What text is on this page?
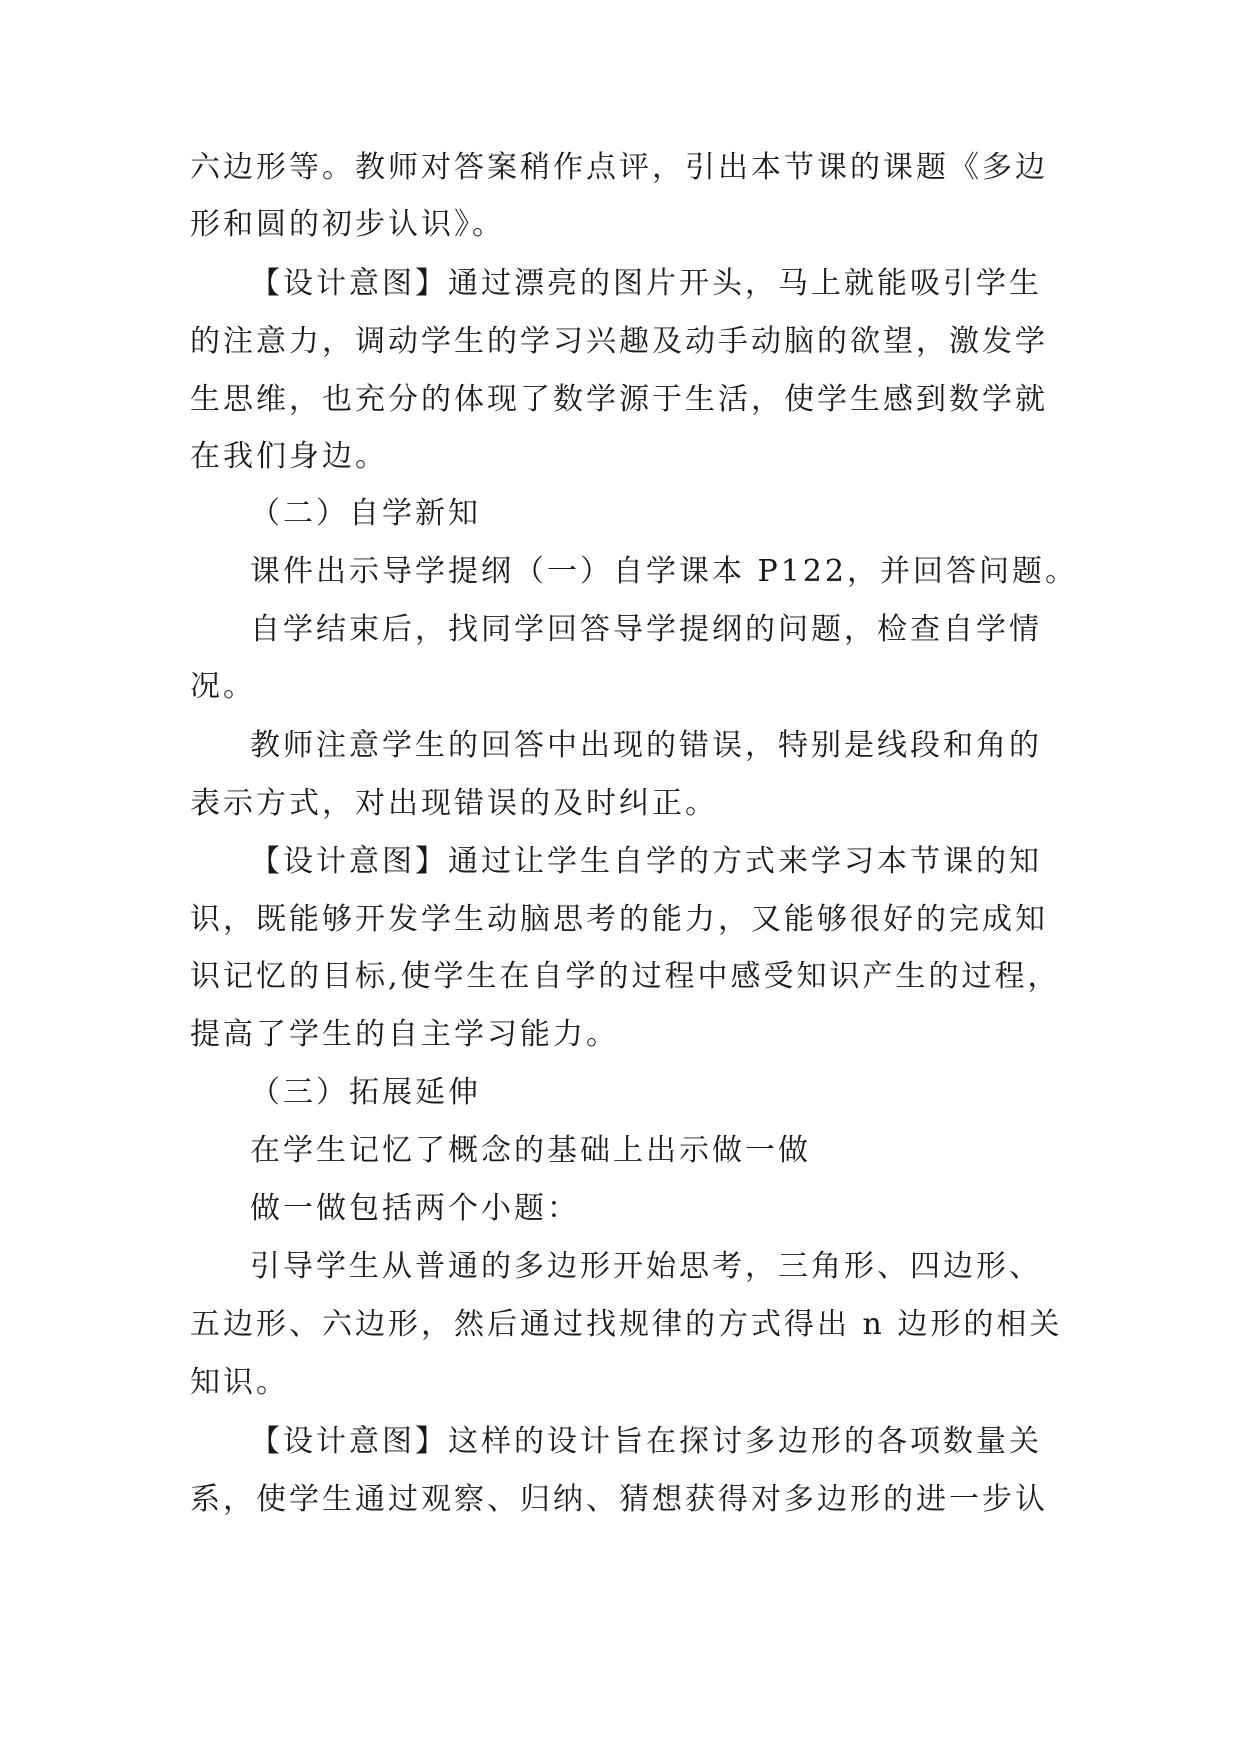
六边形等。教师对答案稍作点评，引出本节课的课题《多边
形和圆的初步认识》。
【设计意图】通过漂亮的图片开头，马上就能吸引学生
的注意力，调动学生的学习兴趣及动手动脑的欲望，激发学
生思维，也充分的体现了数学源于生活，使学生感到数学就
在我们身边。
（二）自学新知
课件出示导学提纲（一）自学课本 P122，并回答问题。
自学结束后，找同学回答导学提纲的问题，检查自学情
况。
教师注意学生的回答中出现的错误，特别是线段和角的
表示方式，对出现错误的及时纠正。
【设计意图】通过让学生自学的方式来学习本节课的知
识，既能够开发学生动脑思考的能力，又能够很好的完成知
识记忆的目标,使学生在自学的过程中感受知识产生的过程，
提高了学生的自主学习能力。
（三）拓展延伸
在学生记忆了概念的基础上出示做一做
做一做包括两个小题：
引导学生从普通的多边形开始思考，三角形、四边形、
五边形、六边形，然后通过找规律的方式得出 n 边形的相关
知识。
【设计意图】这样的设计旨在探讨多边形的各项数量关
系，使学生通过观察、归纳、猜想获得对多边形的进一步认
